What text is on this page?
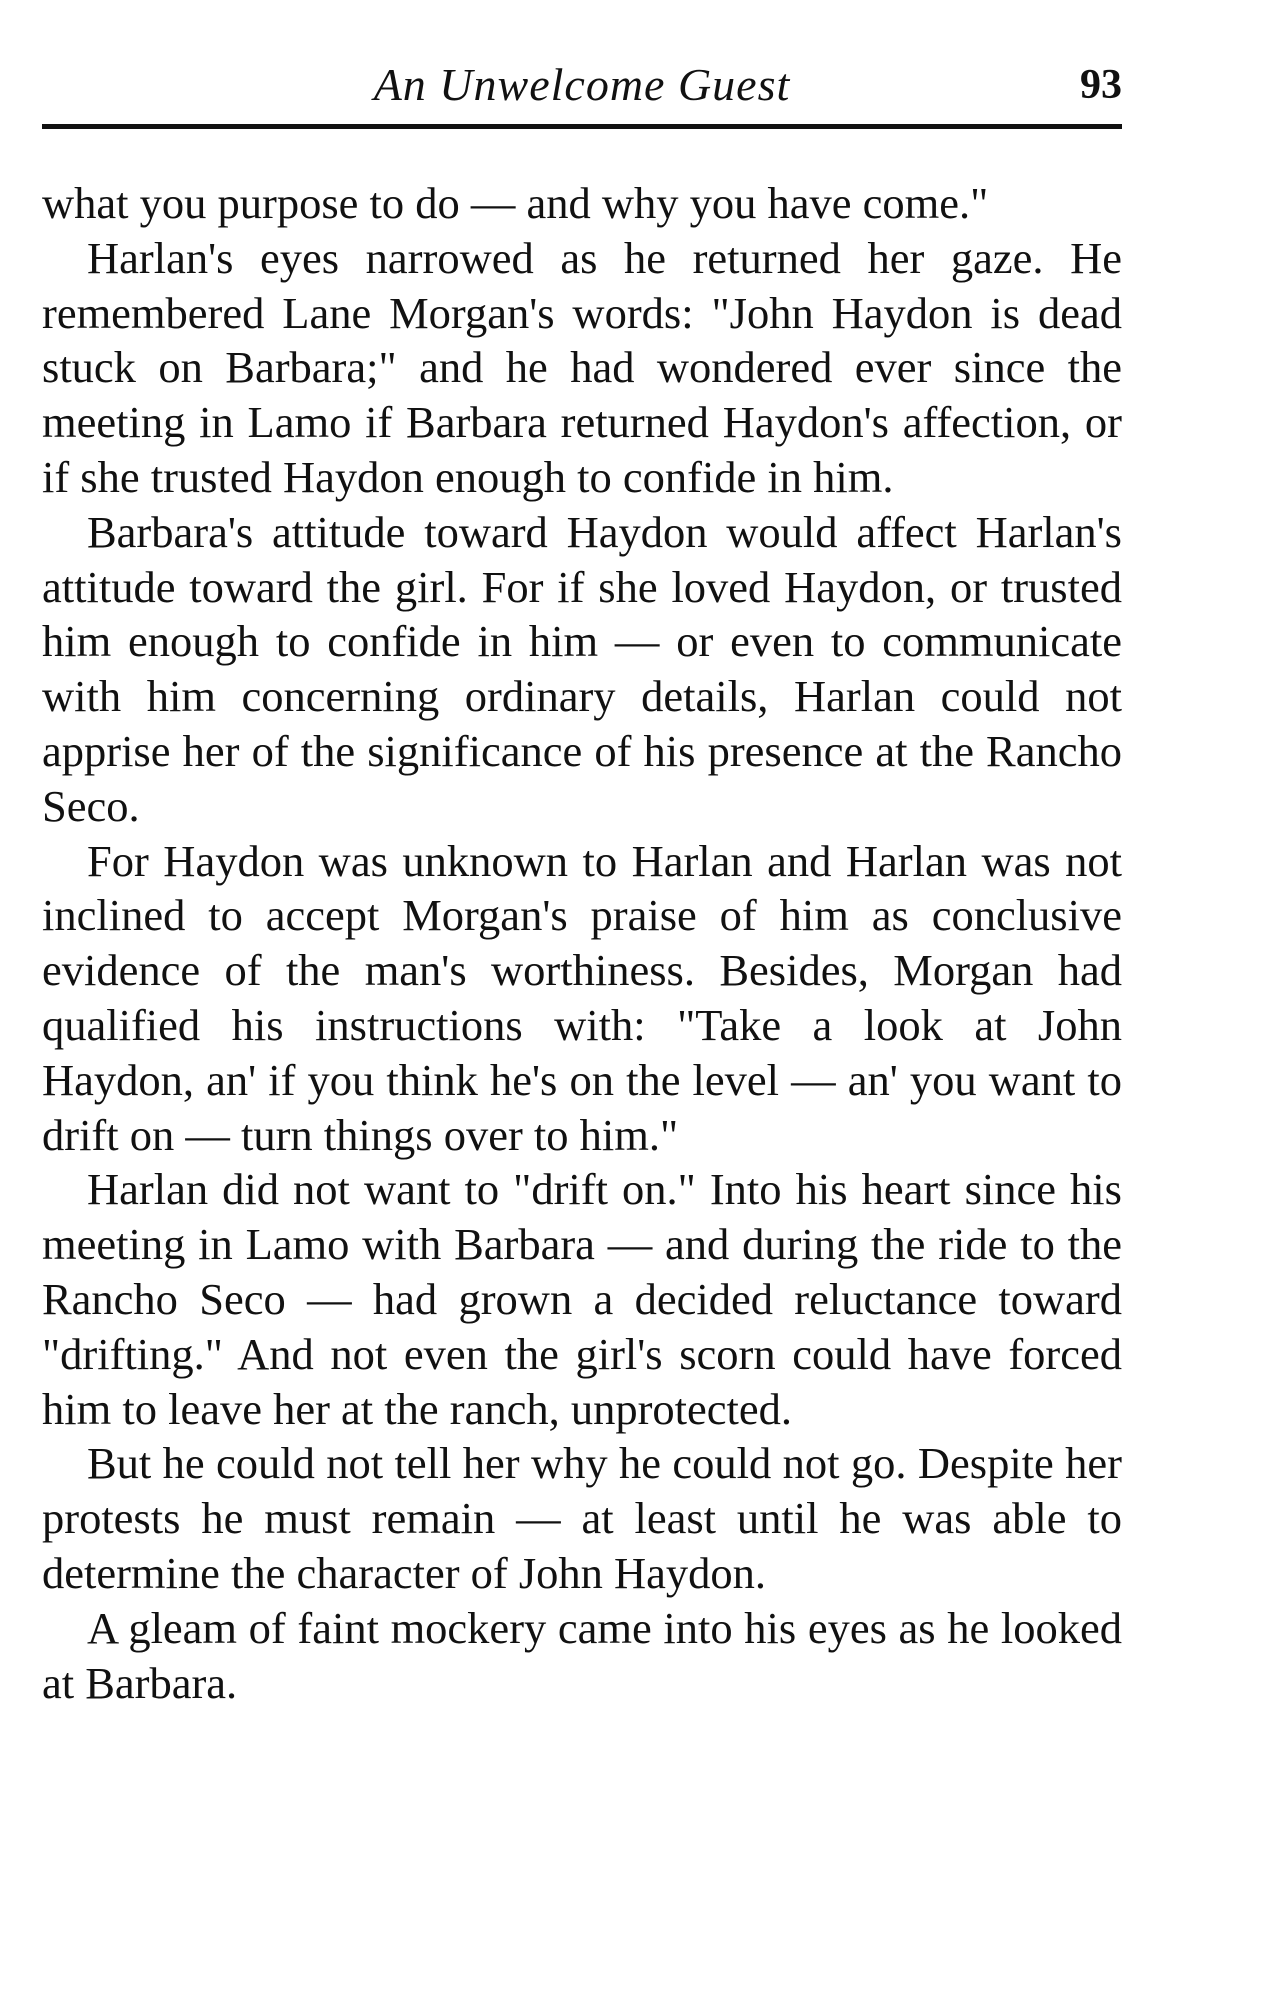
An Unwelcome Guest	93

what you purpose to do — and why you have come."

Harlan's eyes narrowed as he returned her gaze. He remembered Lane Morgan's words: "John Haydon is dead stuck on Barbara;" and he had wondered ever since the meeting in Lamo if Barbara returned Haydon's affection, or if she trusted Haydon enough to confide in him.

Barbara's attitude toward Haydon would affect Harlan's attitude toward the girl. For if she loved Haydon, or trusted him enough to confide in him — or even to communicate with him concerning ordinary details, Harlan could not apprise her of the significance of his presence at the Rancho Seco.

For Haydon was unknown to Harlan and Harlan was not inclined to accept Morgan's praise of him as conclusive evidence of the man's worthiness. Besides, Morgan had qualified his instructions with: "Take a look at John Haydon, an' if you think he's on the level — an' you want to drift on — turn things over to him."

Harlan did not want to "drift on." Into his heart since his meeting in Lamo with Barbara — and during the ride to the Rancho Seco — had grown a decided reluctance toward "drifting." And not even the girl's scorn could have forced him to leave her at the ranch, unprotected.

But he could not tell her why he could not go. Despite her protests he must remain — at least until he was able to determine the character of John Haydon.

A gleam of faint mockery came into his eyes as he looked at Barbara.
